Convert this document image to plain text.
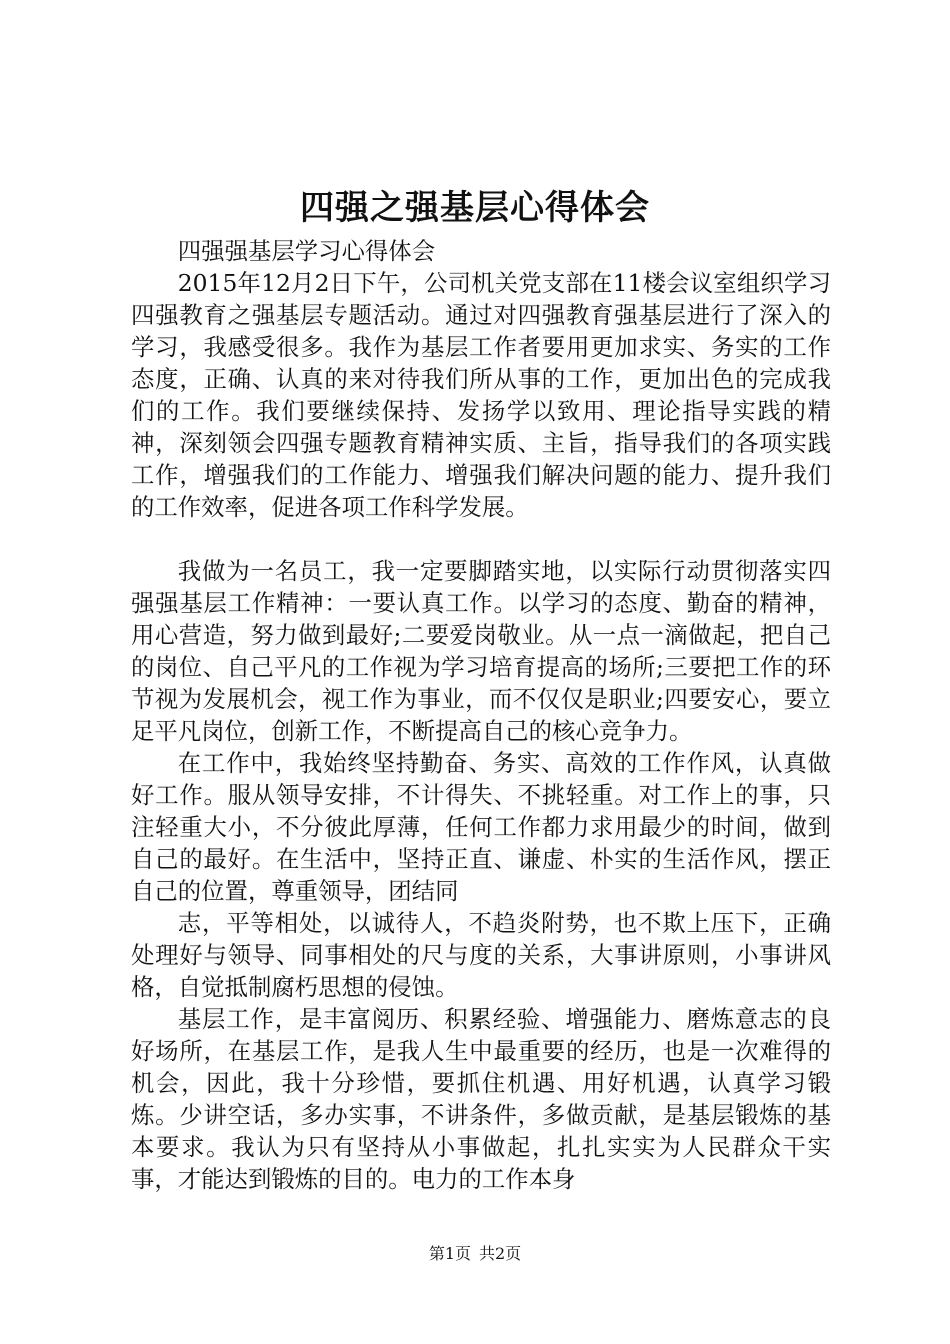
四强之强基层心得体会

四强强基层学习心得体会

2015年12月2日下午，公司机关党支部在11楼会议室组织学习四强教育之强基层专题活动。通过对四强教育强基层进行了深入的学习，我感受很多。我作为基层工作者要用更加求实、务实的工作态度，正确、认真的来对待我们所从事的工作，更加出色的完成我们的工作。我们要继续保持、发扬学以致用、理论指导实践的精神，深刻领会四强专题教育精神实质、主旨，指导我们的各项实践工作，增强我们的工作能力、增强我们解决问题的能力、提升我们的工作效率，促进各项工作科学发展。

我做为一名员工，我一定要脚踏实地，以实际行动贯彻落实四强强基层工作精神：一要认真工作。以学习的态度、勤奋的精神，用心营造，努力做到最好;二要爱岗敬业。从一点一滴做起，把自己的岗位、自己平凡的工作视为学习培育提高的场所;三要把工作的环节视为发展机会，视工作为事业，而不仅仅是职业;四要安心，要立足平凡岗位，创新工作，不断提高自己的核心竞争力。

在工作中，我始终坚持勤奋、务实、高效的工作作风，认真做好工作。服从领导安排，不计得失、不挑轻重。对工作上的事，只注轻重大小，不分彼此厚薄，任何工作都力求用最少的时间，做到自己的最好。在生活中，坚持正直、谦虚、朴实的生活作风，摆正自己的位置，尊重领导，团结同

志，平等相处，以诚待人，不趋炎附势，也不欺上压下，正确处理好与领导、同事相处的尺与度的关系，大事讲原则，小事讲风格，自觉抵制腐朽思想的侵蚀。

基层工作，是丰富阅历、积累经验、增强能力、磨炼意志的良好场所，在基层工作，是我人生中最重要的经历，也是一次难得的机会，因此，我十分珍惜，要抓住机遇、用好机遇，认真学习锻炼。少讲空话，多办实事，不讲条件，多做贡献，是基层锻炼的基本要求。我认为只有坚持从小事做起，扎扎实实为人民群众干实事，才能达到锻炼的目的。电力的工作本身

第1页 共2页
